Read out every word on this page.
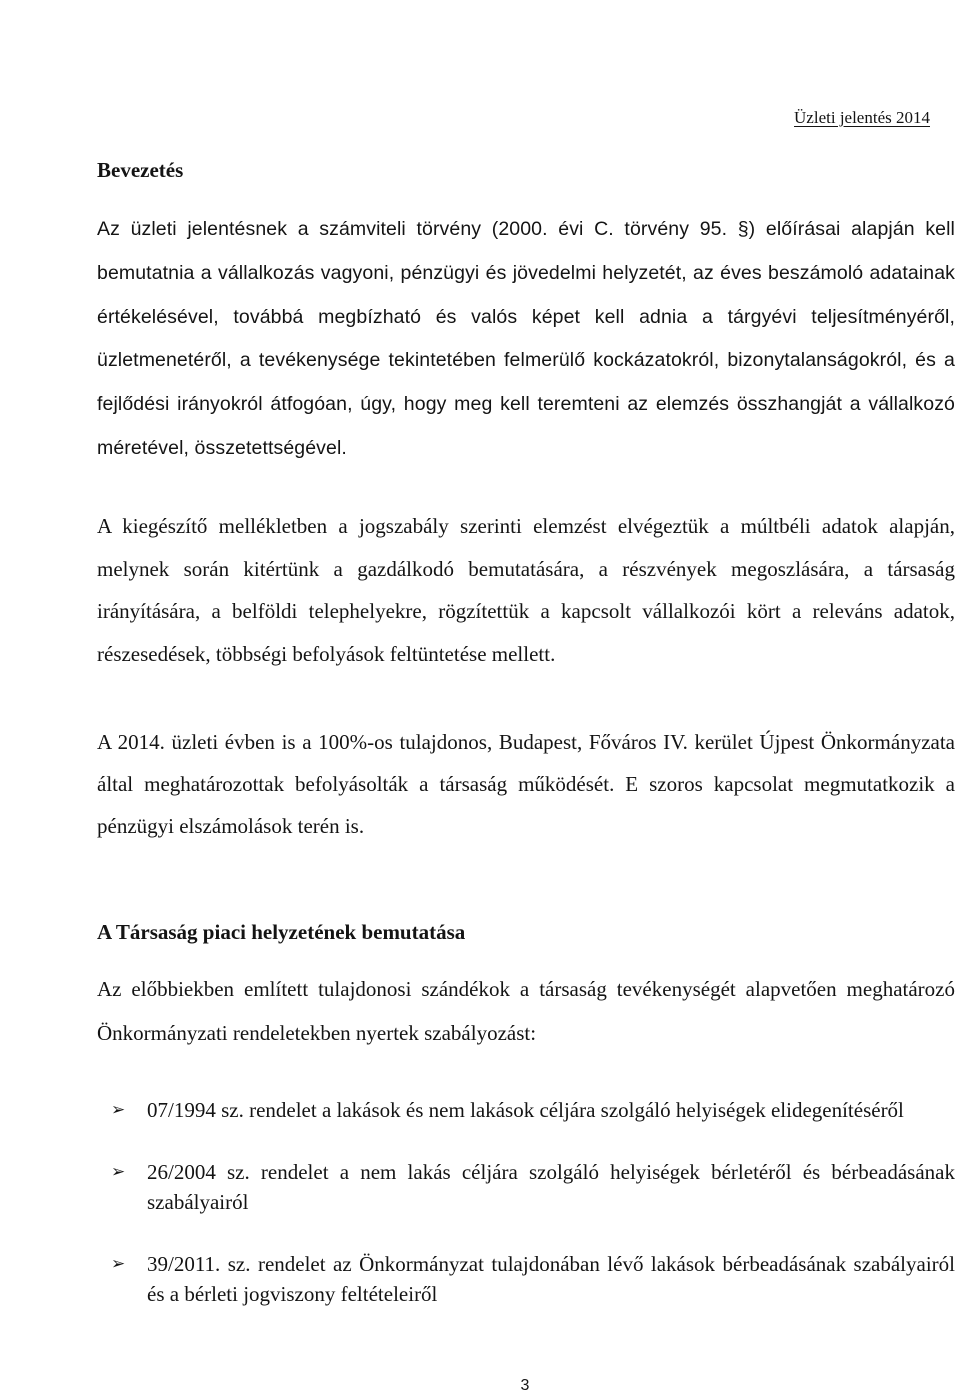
Üzleti jelentés 2014
Bevezetés
Az üzleti jelentésnek a számviteli törvény (2000. évi C. törvény 95. §) előírásai alapján kell bemutatnia a vállalkozás vagyoni, pénzügyi és jövedelmi helyzetét, az éves beszámoló adatainak értékelésével, továbbá megbízható és valós képet kell adnia a tárgyévi teljesítményéről, üzletmenetéről, a tevékenysége tekintetében felmerülő kockázatokról, bizonytalanságokról, és a fejlődési irányokról átfogóan, úgy, hogy meg kell teremteni az elemzés összhangját a vállalkozó méretével, összetettségével.
A kiegészítő mellékletben a jogszabály szerinti elemzést elvégeztük a múltbéli adatok alapján, melynek során kitértünk a gazdálkodó bemutatására, a részvények megoszlására, a társaság irányítására, a belföldi telephelyekre, rögzítettük a kapcsolt vállalkozói kört a releváns adatok, részesedések, többségi befolyások feltüntetése mellett.
A 2014. üzleti évben is a 100%-os tulajdonos, Budapest, Főváros IV. kerület Újpest Önkormányzata által meghatározottak befolyásolták a társaság működését. E szoros kapcsolat megmutatkozik a pénzügyi elszámolások terén is.
A Társaság piaci helyzetének bemutatása
Az előbbiekben említett tulajdonosi szándékok a társaság tevékenységét alapvetően meghatározó Önkormányzati rendeletekben nyertek szabályozást:
➢ 07/1994 sz. rendelet a lakások és nem lakások céljára szolgáló helyiségek elidegenítéséről
➢ 26/2004 sz. rendelet a nem lakás céljára szolgáló helyiségek bérletéről és bérbeadásának szabályairól
➢ 39/2011. sz. rendelet az Önkormányzat tulajdonában lévő lakások bérbeadásának szabályairól és a bérleti jogviszony feltételeiről
3
